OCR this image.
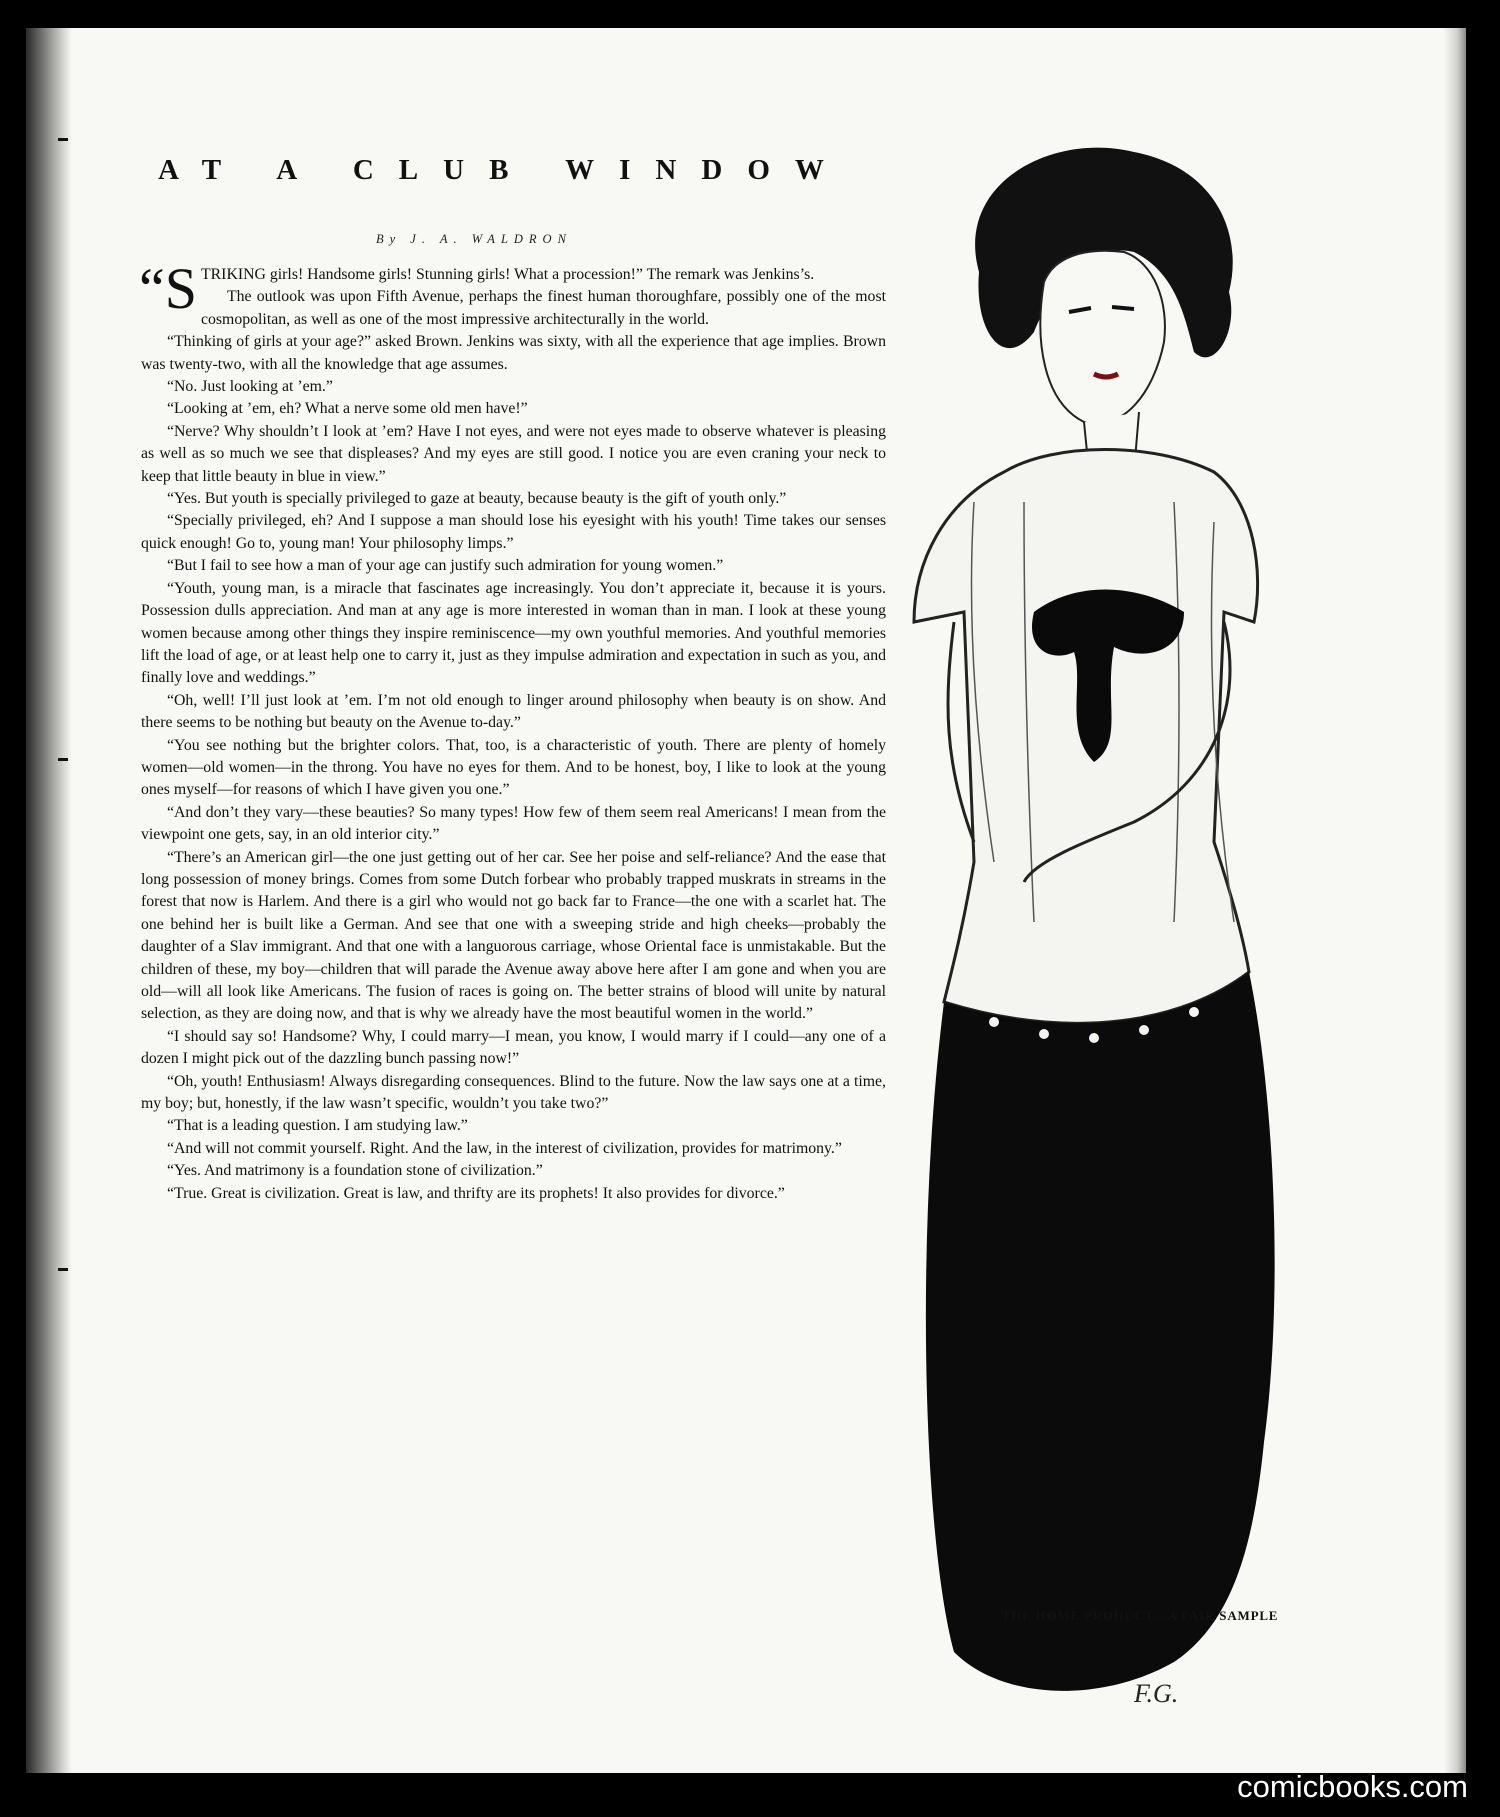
AT A CLUB WINDOW
By J. A. WALDRON

“STRIKING girls! Handsome girls! Stunning girls! What a procession!” The remark was Jenkins’s.

The outlook was upon Fifth Avenue, perhaps the finest human thoroughfare, possibly one of the most cosmopolitan, as well as one of the most impressive architecturally in the world.

“Thinking of girls at your age?” asked Brown. Jenkins was sixty, with all the experience that age implies. Brown was twenty-two, with all the knowledge that age assumes.

“No. Just looking at ’em.”

“Looking at ’em, eh? What a nerve some old men have!”

“Nerve? Why shouldn’t I look at ’em? Have I not eyes, and were not eyes made to observe whatever is pleasing as well as so much we see that displeases? And my eyes are still good. I notice you are even craning your neck to keep that little beauty in blue in view.”

“Yes. But youth is specially privileged to gaze at beauty, because beauty is the gift of youth only.”

“Specially privileged, eh? And I suppose a man should lose his eyesight with his youth! Time takes our senses quick enough! Go to, young man! Your philosophy limps.”

“But I fail to see how a man of your age can justify such admiration for young women.”

“Youth, young man, is a miracle that fascinates age increasingly. You don’t appreciate it, because it is yours. Possession dulls appreciation. And man at any age is more interested in woman than in man. I look at these young women because among other things they inspire reminiscence—my own youthful memories. And youthful memories lift the load of age, or at least help one to carry it, just as they impulse admiration and expectation in such as you, and finally love and weddings.”

“Oh, well! I’ll just look at ’em. I’m not old enough to linger around philosophy when beauty is on show. And there seems to be nothing but beauty on the Avenue to-day.”

“You see nothing but the brighter colors. That, too, is a characteristic of youth. There are plenty of homely women—old women—in the throng. You have no eyes for them. And to be honest, boy, I like to look at the young ones myself—for reasons of which I have given you one.”

“And don’t they vary—these beauties? So many types! How few of them seem real Americans! I mean from the viewpoint one gets, say, in an old interior city.”

“There’s an American girl—the one just getting out of her car. See her poise and self-reliance? And the ease that long possession of money brings. Comes from some Dutch forbear who probably trapped muskrats in streams in the forest that now is Harlem. And there is a girl who would not go back far to France—the one with a scarlet hat. The one behind her is built like a German. And see that one with a sweeping stride and high cheeks—probably the daughter of a Slav immigrant. And that one with a languorous carriage, whose Oriental face is unmistakable. But the children of these, my boy—children that will parade the Avenue away above here after I am gone and when you are old—will all look like Americans. The fusion of races is going on. The better strains of blood will unite by natural selection, as they are doing now, and that is why we already have the most beautiful women in the world.”

“I should say so! Handsome? Why, I could marry—I mean, you know, I would marry if I could—any one of a dozen I might pick out of the dazzling bunch passing now!”

“Oh, youth! Enthusiasm! Always disregarding consequences. Blind to the future. Now the law says one at a time, my boy; but, honestly, if the law wasn’t specific, wouldn’t you take two?”

“That is a leading question. I am studying law.”

“And will not commit yourself. Right. And the law, in the interest of civilization, provides for matrimony.”

“Yes. And matrimony is a foundation stone of civilization.”

“True. Great is civilization. Great is law, and thrifty are its prophets! It also provides for divorce.”

F.G.
THE HOME PRODUCT—A FAIR SAMPLE
comicbooks.com
